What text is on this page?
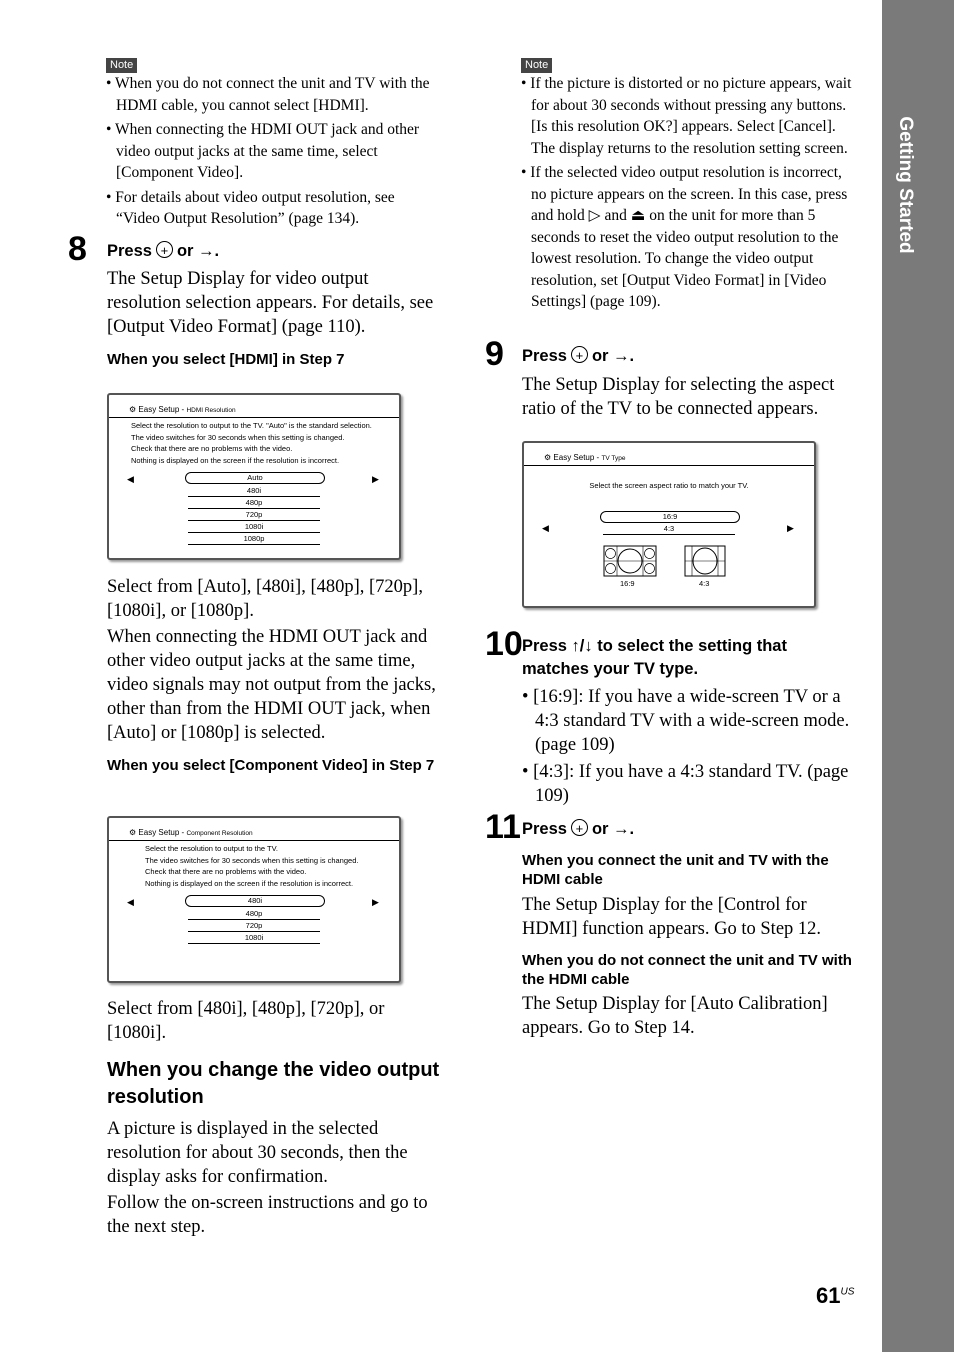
Getting Started
Note

• When you do not connect the unit and TV with the HDMI cable, you cannot select [HDMI].

• When connecting the HDMI OUT jack and other video output jacks at the same time, select [Component Video].

• For details about video output resolution, see “Video Output Resolution” (page 134).

8 Press + or →.
The Setup Display for video output resolution selection appears. For details, see [Output Video Format] (page 110).
When you select [HDMI] in Step 7
⚙ Easy Setup - HDMI Resolution
Select the resolution to output to the TV. "Auto" is the standard selection.
The video switches for 30 seconds when this setting is changed.
Check that there are no problems with the video.
Nothing is displayed on the screen if the resolution is incorrect.
◀	▶
Auto
480i
480p
720p
1080i
1080p
Select from [Auto], [480i], [480p], [720p], [1080i], or [1080p].
When connecting the HDMI OUT jack and other video output jacks at the same time, video signals may not output from the jacks, other than from the HDMI OUT jack, when [Auto] or [1080p] is selected.
When you select [Component Video] in Step 7
⚙ Easy Setup - Component Resolution
Select the resolution to output to the TV.
The video switches for 30 seconds when this setting is changed.
Check that there are no problems with the video.
Nothing is displayed on the screen if the resolution is incorrect.
◀	▶
480i
480p
720p
1080i
Select from [480i], [480p], [720p], or [1080i].
When you change the video output resolution
A picture is displayed in the selected resolution for about 30 seconds, then the display asks for confirmation.
Follow the on-screen instructions and go to the next step.
Note

• If the picture is distorted or no picture appears, wait for about 30 seconds without pressing any buttons. [Is this resolution OK?] appears. Select [Cancel]. The display returns to the resolution setting screen.

• If the selected video output resolution is incorrect, no picture appears on the screen. In this case, press and hold ▷ and ⏏ on the unit for more than 5 seconds to reset the video output resolution to the lowest resolution. To change the video output resolution, set [Output Video Format] in [Video Settings] (page 109).

9 Press + or →.
The Setup Display for selecting the aspect ratio of the TV to be connected appears.
⚙ Easy Setup - TV Type
Select the screen aspect ratio to match your TV.
◀	▶
16:9
4:3
16:9	4:3
10 Press ↑/↓ to select the setting that matches your TV type.
• [16:9]: If you have a wide-screen TV or a 4:3 standard TV with a wide-screen mode. (page 109)
• [4:3]: If you have a 4:3 standard TV. (page 109)
11 Press + or →.
When you connect the unit and TV with the HDMI cable
The Setup Display for the [Control for HDMI] function appears. Go to Step 12.
When you do not connect the unit and TV with the HDMI cable
The Setup Display for [Auto Calibration] appears. Go to Step 14.
$61^{US}$
